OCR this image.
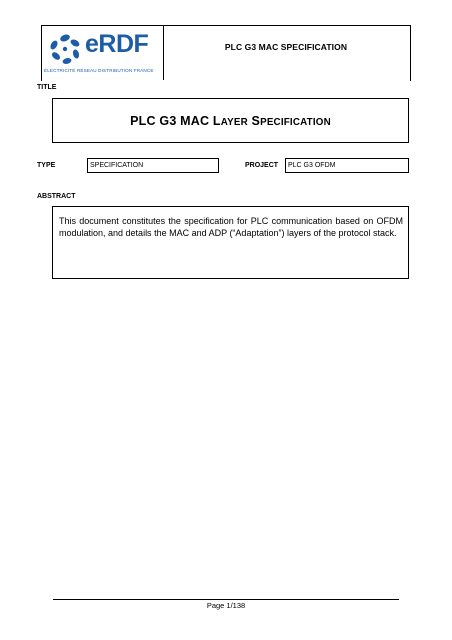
eRDF
ÉLECTRICITÉ RÉSEAU DISTRIBUTION FRANCE
PLC G3 MAC SPECIFICATION
TITLE
PLC G3 MAC LAYER SPECIFICATION
TYPE	SPECIFICATION	PROJECT	PLC G3 OFDM
ABSTRACT
This document constitutes the specification for PLC communication based on OFDM modulation, and details the MAC and ADP (“Adaptation”) layers of the protocol stack.
Page 1/138
